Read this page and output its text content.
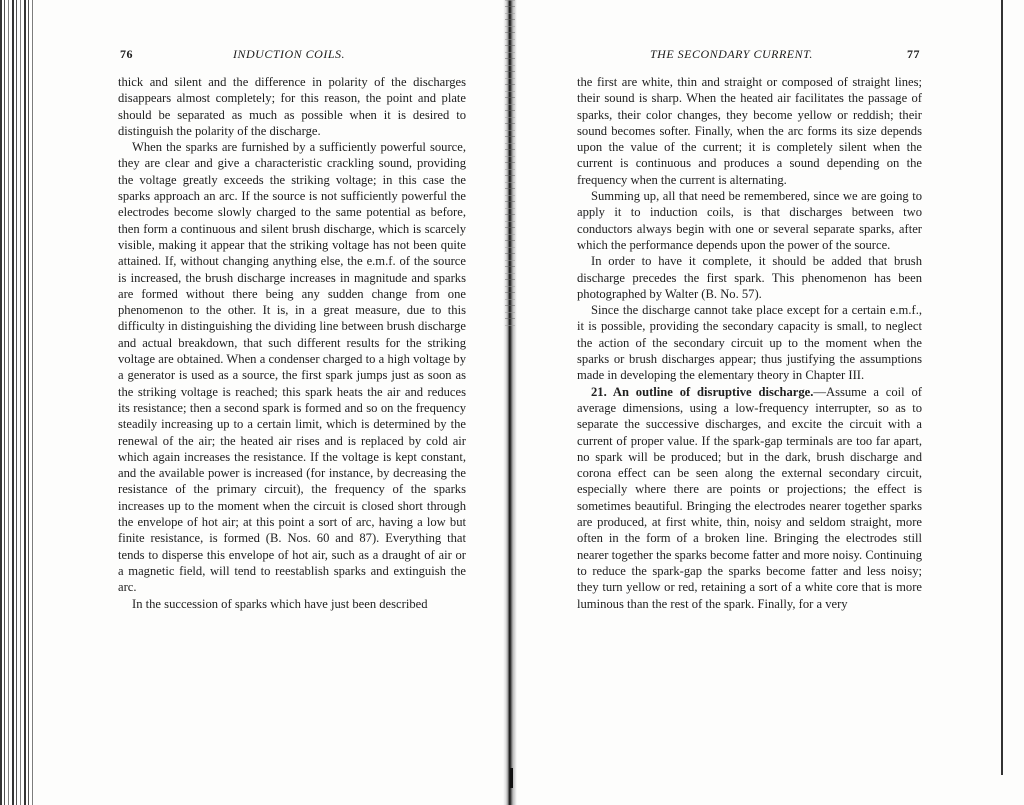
76	INDUCTION COILS.

thick and silent and the difference in polarity of the discharges disappears almost completely; for this reason, the point and plate should be separated as much as possible when it is desired to distinguish the polarity of the discharge.

When the sparks are furnished by a sufficiently powerful source, they are clear and give a characteristic crackling sound, providing the voltage greatly exceeds the striking voltage; in this case the sparks approach an arc. If the source is not sufficiently powerful the electrodes become slowly charged to the same potential as before, then form a continuous and silent brush discharge, which is scarcely visible, making it appear that the striking voltage has not been quite attained. If, without changing anything else, the e.m.f. of the source is increased, the brush discharge increases in magnitude and sparks are formed without there being any sudden change from one phenomenon to the other. It is, in a great measure, due to this difficulty in distinguishing the dividing line between brush discharge and actual breakdown, that such different results for the striking voltage are obtained. When a condenser charged to a high voltage by a generator is used as a source, the first spark jumps just as soon as the striking voltage is reached; this spark heats the air and reduces its resistance; then a second spark is formed and so on the frequency steadily increasing up to a certain limit, which is determined by the renewal of the air; the heated air rises and is replaced by cold air which again increases the resistance. If the voltage is kept constant, and the available power is increased (for instance, by decreasing the resistance of the primary circuit), the frequency of the sparks increases up to the moment when the circuit is closed short through the envelope of hot air; at this point a sort of arc, having a low but finite resistance, is formed (B. Nos. 60 and 87). Everything that tends to disperse this envelope of hot air, such as a draught of air or a magnetic field, will tend to reestablish sparks and extinguish the arc.

In the succession of sparks which have just been described

THE SECONDARY CURRENT.	77

the first are white, thin and straight or composed of straight lines; their sound is sharp. When the heated air facilitates the passage of sparks, their color changes, they become yellow or reddish; their sound becomes softer. Finally, when the arc forms its size depends upon the value of the current; it is completely silent when the current is continuous and produces a sound depending on the frequency when the current is alternating.

Summing up, all that need be remembered, since we are going to apply it to induction coils, is that discharges between two conductors always begin with one or several separate sparks, after which the performance depends upon the power of the source.

In order to have it complete, it should be added that brush discharge precedes the first spark. This phenomenon has been photographed by Walter (B. No. 57).

Since the discharge cannot take place except for a certain e.m.f., it is possible, providing the secondary capacity is small, to neglect the action of the secondary circuit up to the moment when the sparks or brush discharges appear; thus justifying the assumptions made in developing the elementary theory in Chapter III.

21. An outline of disruptive discharge.—Assume a coil of average dimensions, using a low-frequency interrupter, so as to separate the successive discharges, and excite the circuit with a current of proper value. If the spark-gap terminals are too far apart, no spark will be produced; but in the dark, brush discharge and corona effect can be seen along the external secondary circuit, especially where there are points or projections; the effect is sometimes beautiful. Bringing the electrodes nearer together sparks are produced, at first white, thin, noisy and seldom straight, more often in the form of a broken line. Bringing the electrodes still nearer together the sparks become fatter and more noisy. Continuing to reduce the spark-gap the sparks become fatter and less noisy; they turn yellow or red, retaining a sort of a white core that is more luminous than the rest of the spark. Finally, for a very
